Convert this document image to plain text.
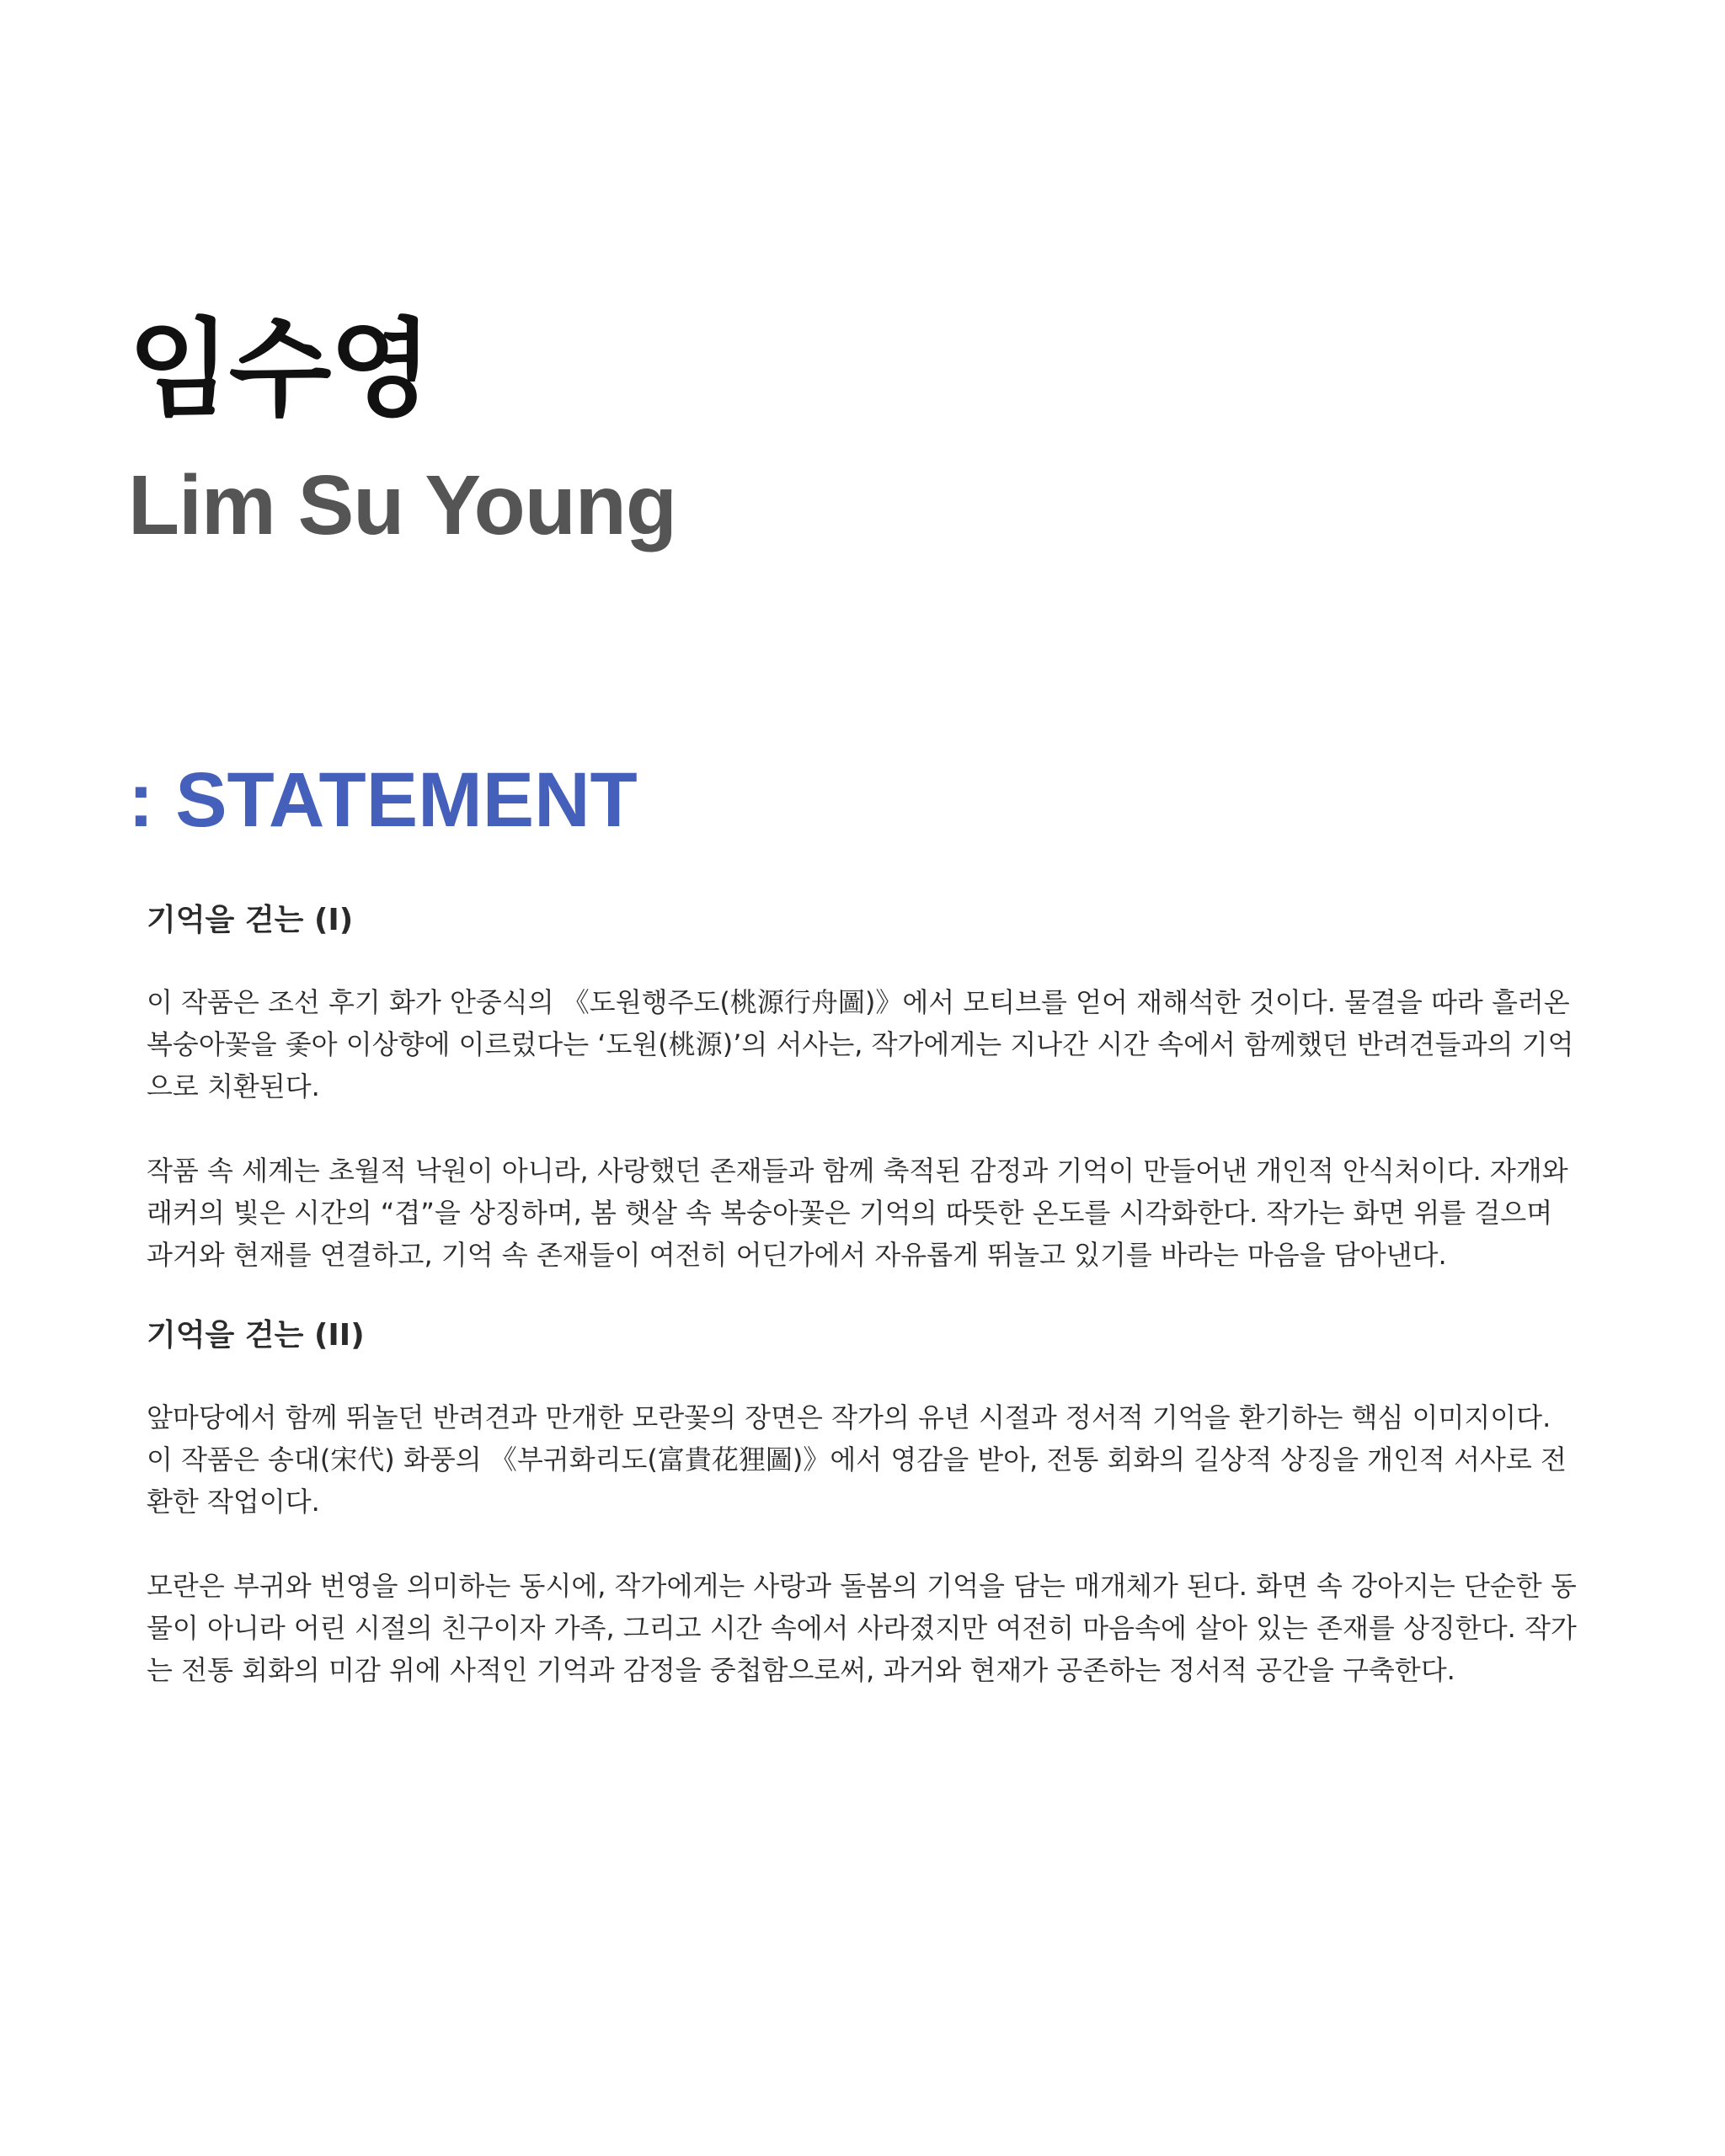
임수영
Lim Su Young
: STATEMENT
기억을 걷는 (I)

이 작품은 조선 후기 화가 안중식의 《도원행주도(桃源行舟圖)》에서 모티브를 얻어 재해석한 것이다. 물결을 따라 흘러온 복숭아꽃을 좇아 이상향에 이르렀다는 ‘도원(桃源)’의 서사는, 작가에게는 지나간 시간 속에서 함께했던 반려견들과의 기억으로 치환된다.

작품 속 세계는 초월적 낙원이 아니라, 사랑했던 존재들과 함께 축적된 감정과 기억이 만들어낸 개인적 안식처이다. 자개와 래커의 빛은 시간의 “겹”을 상징하며, 봄 햇살 속 복숭아꽃은 기억의 따뜻한 온도를 시각화한다. 작가는 화면 위를 걸으며 과거와 현재를 연결하고, 기억 속 존재들이 여전히 어딘가에서 자유롭게 뛰놀고 있기를 바라는 마음을 담아낸다.

기억을 걷는 (II)

앞마당에서 함께 뛰놀던 반려견과 만개한 모란꽃의 장면은 작가의 유년 시절과 정서적 기억을 환기하는 핵심 이미지이다. 이 작품은 송대(宋代) 화풍의 《부귀화리도(富貴花狸圖)》에서 영감을 받아, 전통 회화의 길상적 상징을 개인적 서사로 전환한 작업이다.

모란은 부귀와 번영을 의미하는 동시에, 작가에게는 사랑과 돌봄의 기억을 담는 매개체가 된다. 화면 속 강아지는 단순한 동물이 아니라 어린 시절의 친구이자 가족, 그리고 시간 속에서 사라졌지만 여전히 마음속에 살아 있는 존재를 상징한다. 작가는 전통 회화의 미감 위에 사적인 기억과 감정을 중첩함으로써, 과거와 현재가 공존하는 정서적 공간을 구축한다.
